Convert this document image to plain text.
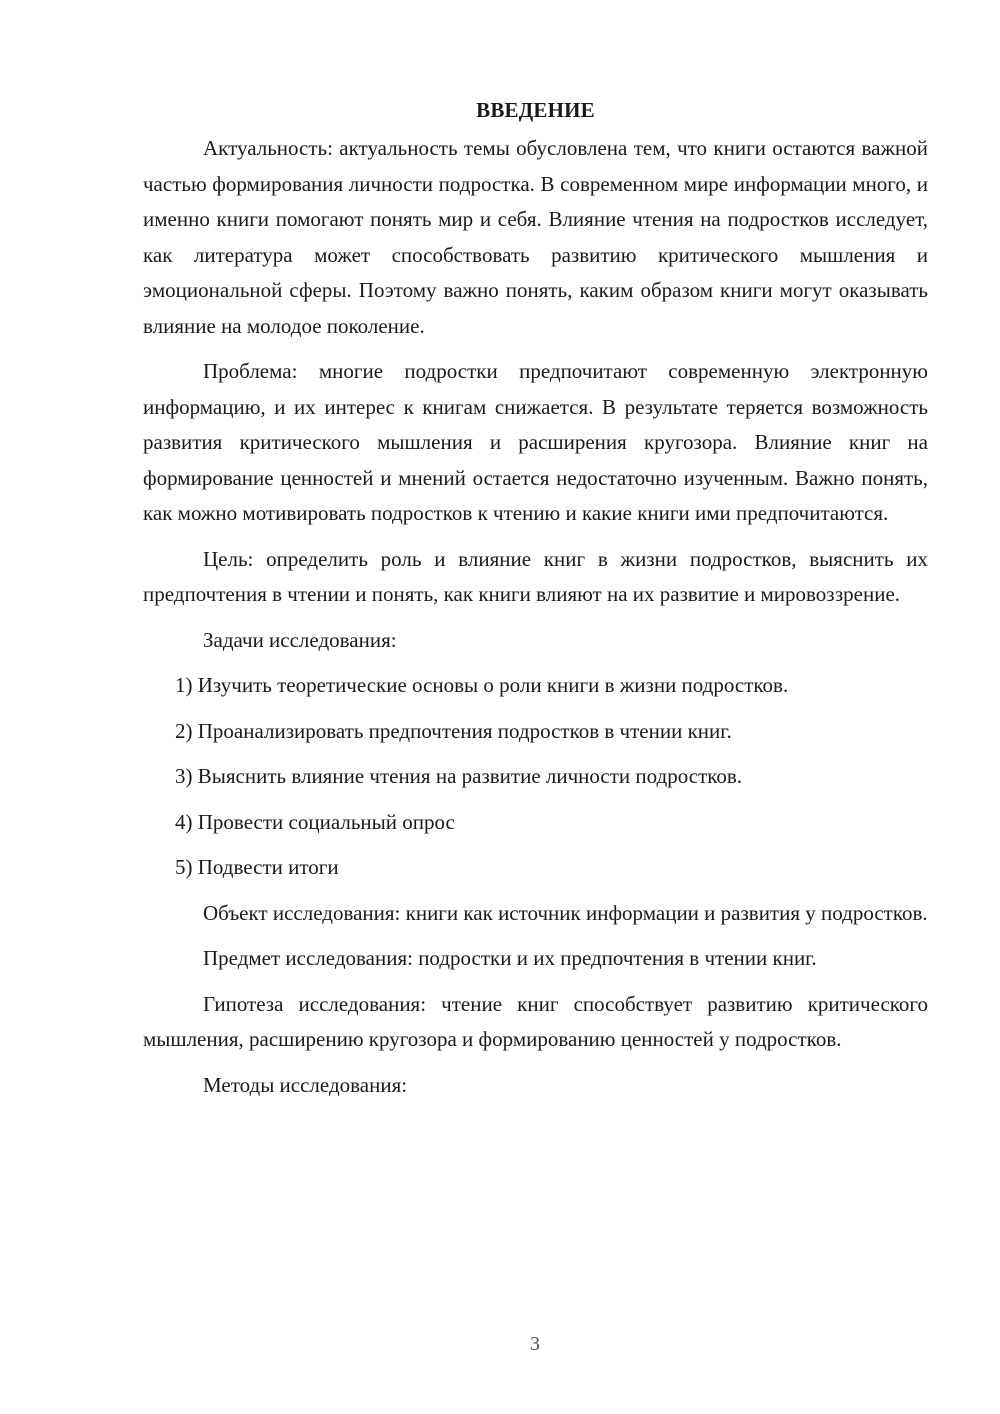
ВВЕДЕНИЕ

Актуальность: актуальность темы обусловлена тем, что книги остаются важной частью формирования личности подростка. В современном мире информации много, и именно книги помогают понять мир и себя. Влияние чтения на подростков исследует, как литература может способствовать развитию критического мышления и эмоциональной сферы. Поэтому важно понять, каким образом книги могут оказывать влияние на молодое поколение.

Проблема: многие подростки предпочитают современную электронную информацию, и их интерес к книгам снижается. В результате теряется возможность развития критического мышления и расширения кругозора. Влияние книг на формирование ценностей и мнений остается недостаточно изученным. Важно понять, как можно мотивировать подростков к чтению и какие книги ими предпочитаются.

Цель: определить роль и влияние книг в жизни подростков, выяснить их предпочтения в чтении и понять, как книги влияют на их развитие и мировоззрение.

Задачи исследования:

1) Изучить теоретические основы о роли книги в жизни подростков.
2) Проанализировать предпочтения подростков в чтении книг.
3) Выяснить влияние чтения на развитие личности подростков.
4) Провести социальный опрос
5) Подвести итоги

Объект исследования: книги как источник информации и развития у подростков.

Предмет исследования: подростки и их предпочтения в чтении книг.

Гипотеза исследования: чтение книг способствует развитию критического мышления, расширению кругозора и формированию ценностей у подростков.

Методы исследования:

3
